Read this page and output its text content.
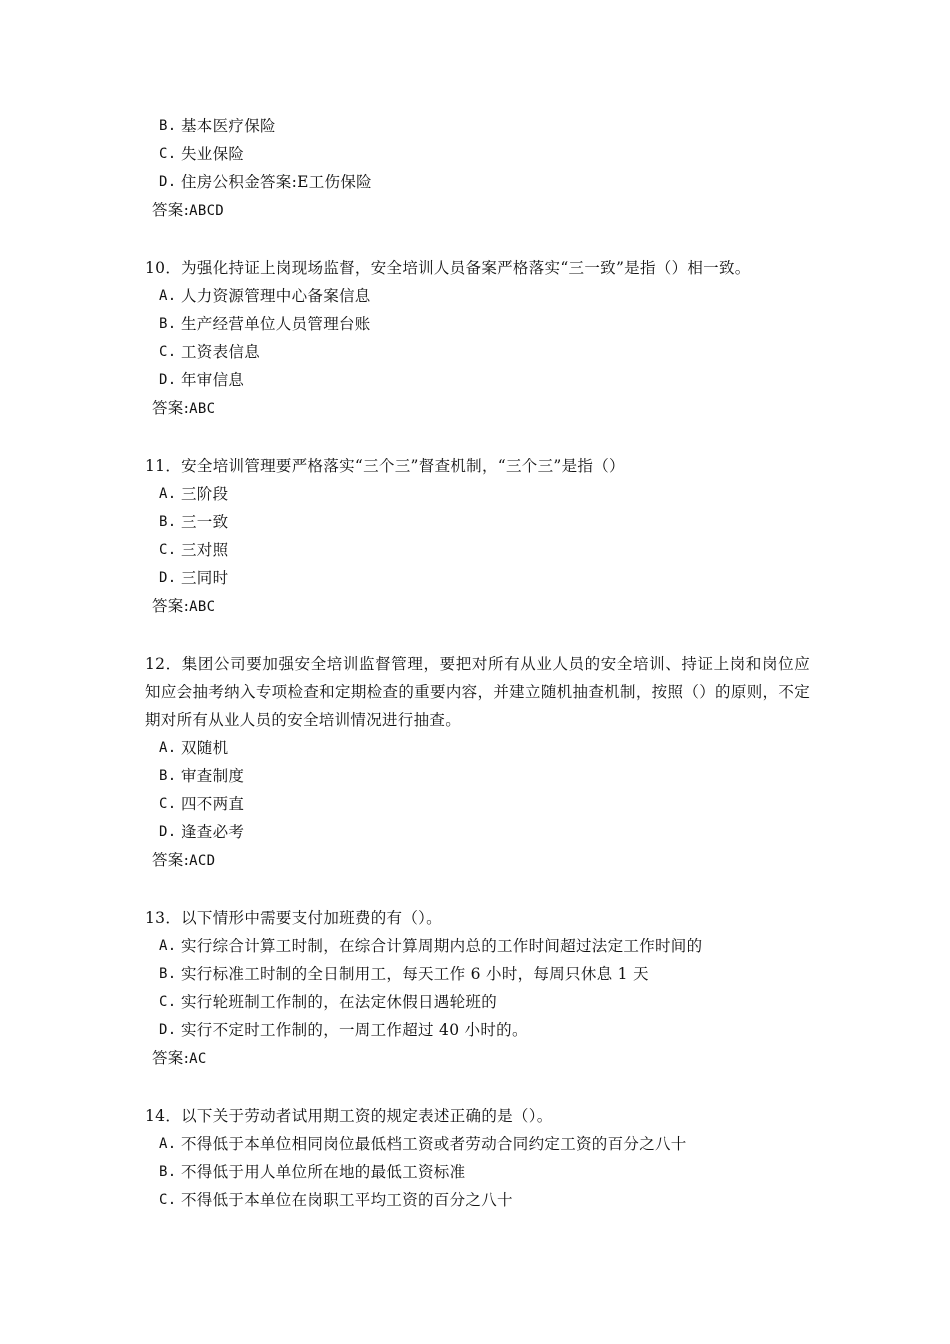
B. 基本医疗保险

C. 失业保险

D. 住房公积金答案:E工伤保险

答案:ABCD

10．为强化持证上岗现场监督，安全培训人员备案严格落实“三一致”是指（）相一致。

A. 人力资源管理中心备案信息

B. 生产经营单位人员管理台账

C. 工资表信息

D. 年审信息

答案:ABC

11．安全培训管理要严格落实“三个三”督查机制，“三个三”是指（）

A. 三阶段

B. 三一致

C. 三对照

D. 三同时

答案:ABC

12．集团公司要加强安全培训监督管理，要把对所有从业人员的安全培训、持证上岗和岗位应知应会抽考纳入专项检查和定期检查的重要内容，并建立随机抽查机制，按照（）的原则，不定期对所有从业人员的安全培训情况进行抽查。

A. 双随机

B. 审查制度

C. 四不两直

D. 逢查必考

答案:ACD

13．以下情形中需要支付加班费的有（）。

A. 实行综合计算工时制，在综合计算周期内总的工作时间超过法定工作时间的

B. 实行标准工时制的全日制用工，每天工作 6 小时，每周只休息 1 天

C. 实行轮班制工作制的，在法定休假日遇轮班的

D. 实行不定时工作制的，一周工作超过 40 小时的。

答案:AC

14．以下关于劳动者试用期工资的规定表述正确的是（）。

A. 不得低于本单位相同岗位最低档工资或者劳动合同约定工资的百分之八十

B. 不得低于用人单位所在地的最低工资标准

C. 不得低于本单位在岗职工平均工资的百分之八十
